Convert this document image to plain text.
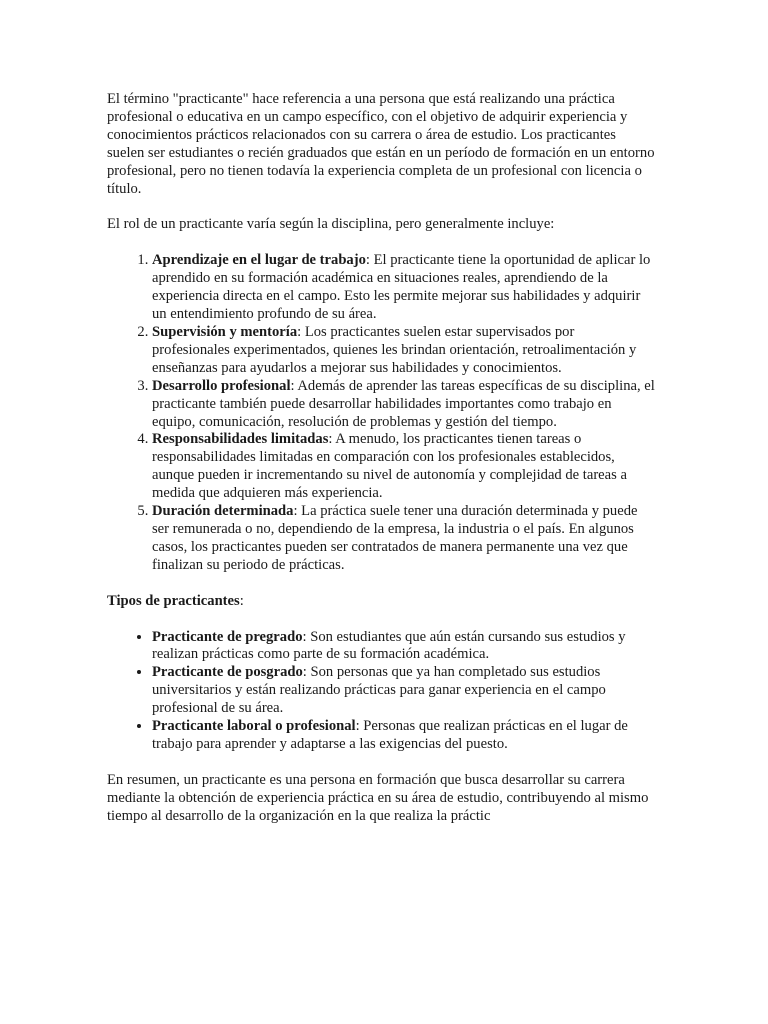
El término "practicante" hace referencia a una persona que está realizando una práctica profesional o educativa en un campo específico, con el objetivo de adquirir experiencia y conocimientos prácticos relacionados con su carrera o área de estudio. Los practicantes suelen ser estudiantes o recién graduados que están en un período de formación en un entorno profesional, pero no tienen todavía la experiencia completa de un profesional con licencia o título.

El rol de un practicante varía según la disciplina, pero generalmente incluye:

1. Aprendizaje en el lugar de trabajo: El practicante tiene la oportunidad de aplicar lo aprendido en su formación académica en situaciones reales, aprendiendo de la experiencia directa en el campo. Esto les permite mejorar sus habilidades y adquirir un entendimiento profundo de su área.
2. Supervisión y mentoría: Los practicantes suelen estar supervisados por profesionales experimentados, quienes les brindan orientación, retroalimentación y enseñanzas para ayudarlos a mejorar sus habilidades y conocimientos.
3. Desarrollo profesional: Además de aprender las tareas específicas de su disciplina, el practicante también puede desarrollar habilidades importantes como trabajo en equipo, comunicación, resolución de problemas y gestión del tiempo.
4. Responsabilidades limitadas: A menudo, los practicantes tienen tareas o responsabilidades limitadas en comparación con los profesionales establecidos, aunque pueden ir incrementando su nivel de autonomía y complejidad de tareas a medida que adquieren más experiencia.
5. Duración determinada: La práctica suele tener una duración determinada y puede ser remunerada o no, dependiendo de la empresa, la industria o el país. En algunos casos, los practicantes pueden ser contratados de manera permanente una vez que finalizan su periodo de prácticas.

Tipos de practicantes:

• Practicante de pregrado: Son estudiantes que aún están cursando sus estudios y realizan prácticas como parte de su formación académica.
• Practicante de posgrado: Son personas que ya han completado sus estudios universitarios y están realizando prácticas para ganar experiencia en el campo profesional de su área.
• Practicante laboral o profesional: Personas que realizan prácticas en el lugar de trabajo para aprender y adaptarse a las exigencias del puesto.

En resumen, un practicante es una persona en formación que busca desarrollar su carrera mediante la obtención de experiencia práctica en su área de estudio, contribuyendo al mismo tiempo al desarrollo de la organización en la que realiza la práctic
